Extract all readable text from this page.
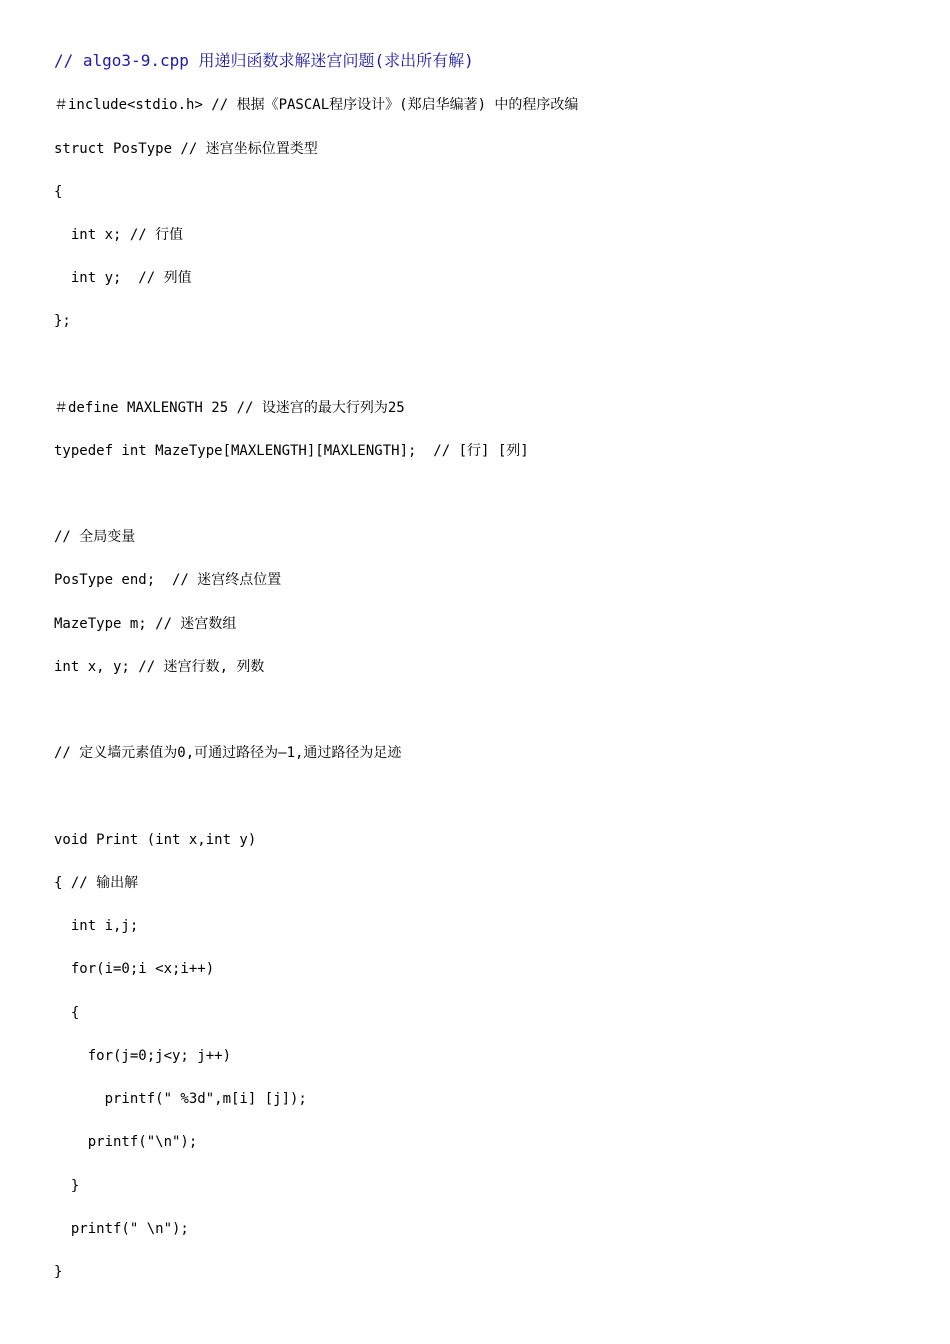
// algo3-9.cpp 用递归函数求解迷宫问题(求出所有解)
＃include<stdio.h> // 根据《PASCAL程序设计》(郑启华编著) 中的程序改编
struct PosType // 迷宫坐标位置类型
{
int x; // 行值
int y;  // 列值
};
＃define MAXLENGTH 25 // 设迷宫的最大行列为25
typedef int MazeType[MAXLENGTH][MAXLENGTH];  // [行] [列]
// 全局变量
PosType end;  // 迷宫终点位置
MazeType m; // 迷宫数组
int x, y; // 迷宫行数, 列数
// 定义墙元素值为0,可通过路径为—1,通过路径为足迹
void Print (int x,int y)
{ // 输出解
int i,j;
for(i=0;i <x;i++)
{
for(j=0;j<y; j++)
printf(" %3d",m[i] [j]);
printf("\n");
}
printf(" \n");
}
